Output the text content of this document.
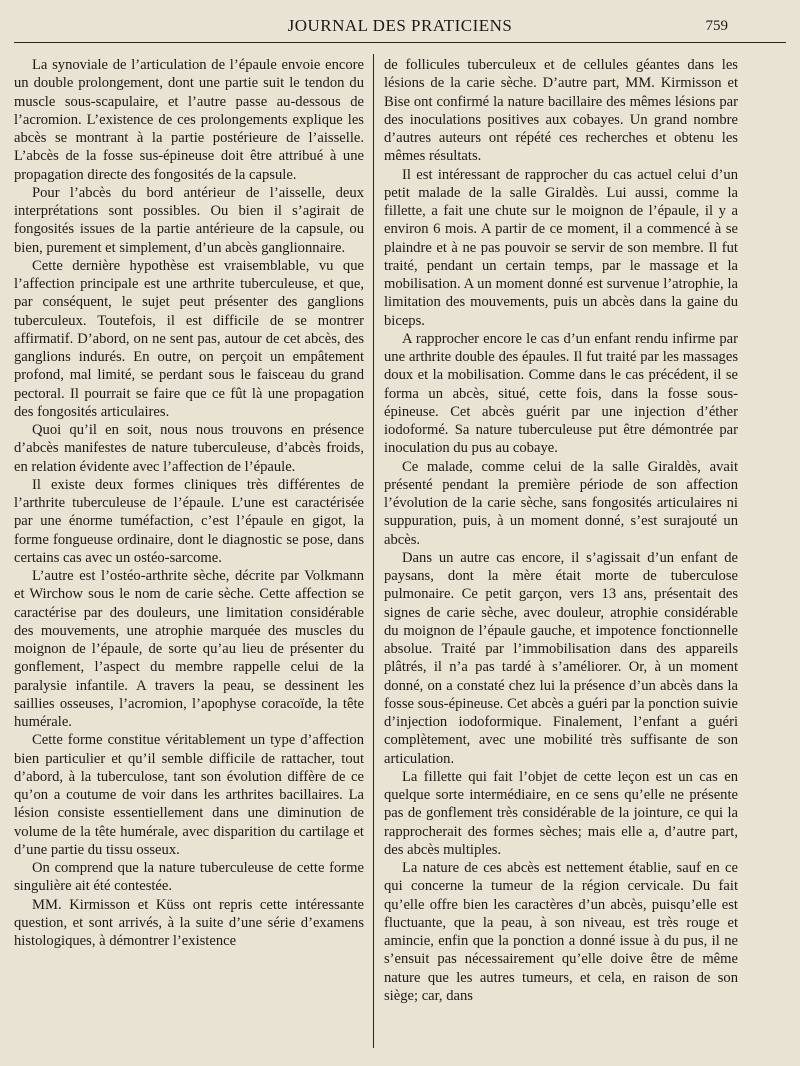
JOURNAL DES PRATICIENS	759

La synoviale de l’articulation de l’épaule envoie encore un double prolongement, dont une partie suit le tendon du muscle sous-scapulaire, et l’autre passe au-dessous de l’acromion. L’existence de ces prolongements explique les abcès se montrant à la partie postérieure de l’aisselle. L’abcès de la fosse sus-épineuse doit être attribué à une propagation directe des fongosités de la capsule.

Pour l’abcès du bord antérieur de l’aisselle, deux interprétations sont possibles. Ou bien il s’agirait de fongosités issues de la partie antérieure de la capsule, ou bien, purement et simplement, d’un abcès ganglionnaire.

Cette dernière hypothèse est vraisemblable, vu que l’affection principale est une arthrite tuberculeuse, et que, par conséquent, le sujet peut présenter des ganglions tuberculeux. Toutefois, il est difficile de se montrer affirmatif. D’abord, on ne sent pas, autour de cet abcès, des ganglions indurés. En outre, on perçoit un empâtement profond, mal limité, se perdant sous le faisceau du grand pectoral. Il pourrait se faire que ce fût là une propagation des fongosités articulaires.

Quoi qu’il en soit, nous nous trouvons en présence d’abcès manifestes de nature tuberculeuse, d’abcès froids, en relation évidente avec l’affection de l’épaule.

Il existe deux formes cliniques très différentes de l’arthrite tuberculeuse de l’épaule. L’une est caractérisée par une énorme tuméfaction, c’est l’épaule en gigot, la forme fongueuse ordinaire, dont le diagnostic se pose, dans certains cas avec un ostéo-sarcome.

L’autre est l’ostéo-arthrite sèche, décrite par Volkmann et Wirchow sous le nom de carie sèche. Cette affection se caractérise par des douleurs, une limitation considérable des mouvements, une atrophie marquée des muscles du moignon de l’épaule, de sorte qu’au lieu de présenter du gonflement, l’aspect du membre rappelle celui de la paralysie infantile. A travers la peau, se dessinent les saillies osseuses, l’acromion, l’apophyse coracoïde, la tête humérale.

Cette forme constitue véritablement un type d’affection bien particulier et qu’il semble difficile de rattacher, tout d’abord, à la tuberculose, tant son évolution diffère de ce qu’on a coutume de voir dans les arthrites bacillaires. La lésion consiste essentiellement dans une diminution de volume de la tête humérale, avec disparition du cartilage et d’une partie du tissu osseux.

On comprend que la nature tuberculeuse de cette forme singulière ait été contestée.

MM. Kirmisson et Küss ont repris cette intéressante question, et sont arrivés, à la suite d’une série d’examens histologiques, à démontrer l’existence

de follicules tuberculeux et de cellules géantes dans les lésions de la carie sèche. D’autre part, MM. Kirmisson et Bise ont confirmé la nature bacillaire des mêmes lésions par des inoculations positives aux cobayes. Un grand nombre d’autres auteurs ont répété ces recherches et obtenu les mêmes résultats.

Il est intéressant de rapprocher du cas actuel celui d’un petit malade de la salle Giraldès. Lui aussi, comme la fillette, a fait une chute sur le moignon de l’épaule, il y a environ 6 mois. A partir de ce moment, il a commencé à se plaindre et à ne pas pouvoir se servir de son membre. Il fut traité, pendant un certain temps, par le massage et la mobilisation. A un moment donné est survenue l’atrophie, la limitation des mouvements, puis un abcès dans la gaine du biceps.

A rapprocher encore le cas d’un enfant rendu infirme par une arthrite double des épaules. Il fut traité par les massages doux et la mobilisation. Comme dans le cas précédent, il se forma un abcès, situé, cette fois, dans la fosse sous-épineuse. Cet abcès guérit par une injection d’éther iodoformé. Sa nature tuberculeuse put être démontrée par inoculation du pus au cobaye.

Ce malade, comme celui de la salle Giraldès, avait présenté pendant la première période de son affection l’évolution de la carie sèche, sans fongosités articulaires ni suppuration, puis, à un moment donné, s’est surajouté un abcès.

Dans un autre cas encore, il s’agissait d’un enfant de paysans, dont la mère était morte de tuberculose pulmonaire. Ce petit garçon, vers 13 ans, présentait des signes de carie sèche, avec douleur, atrophie considérable du moignon de l’épaule gauche, et impotence fonctionnelle absolue. Traité par l’immobilisation dans des appareils plâtrés, il n’a pas tardé à s’améliorer. Or, à un moment donné, on a constaté chez lui la présence d’un abcès dans la fosse sous-épineuse. Cet abcès a guéri par la ponction suivie d’injection iodoformique. Finalement, l’enfant a guéri complètement, avec une mobilité très suffisante de son articulation.

La fillette qui fait l’objet de cette leçon est un cas en quelque sorte intermédiaire, en ce sens qu’elle ne présente pas de gonflement très considérable de la jointure, ce qui la rapprocherait des formes sèches; mais elle a, d’autre part, des abcès multiples.

La nature de ces abcès est nettement établie, sauf en ce qui concerne la tumeur de la région cervicale. Du fait qu’elle offre bien les caractères d’un abcès, puisqu’elle est fluctuante, que la peau, à son niveau, est très rouge et amincie, enfin que la ponction a donné issue à du pus, il ne s’ensuit pas nécessairement qu’elle doive être de même nature que les autres tumeurs, et cela, en raison de son siège; car, dans
